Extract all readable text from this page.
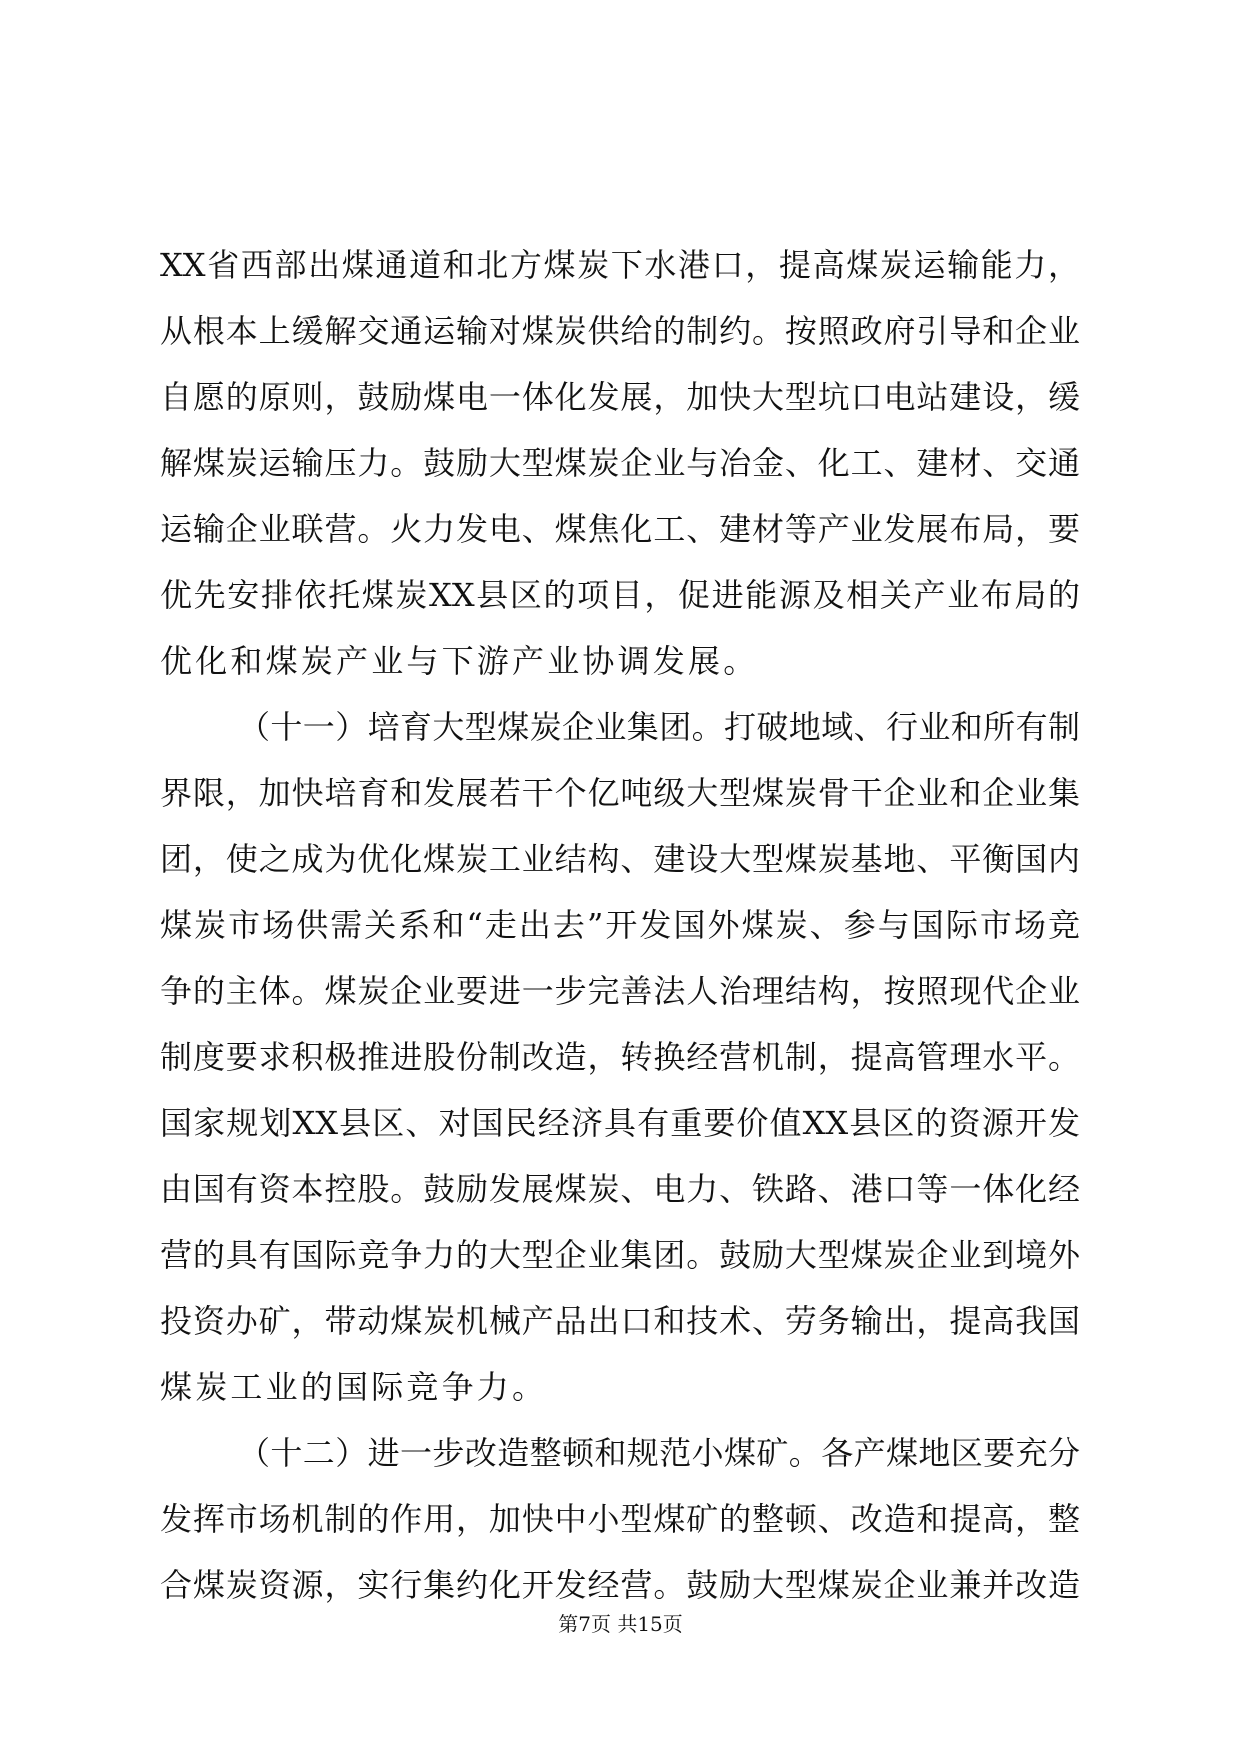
XX省西部出煤通道和北方煤炭下水港口，提高煤炭运输能力，
从根本上缓解交通运输对煤炭供给的制约。按照政府引导和企业
自愿的原则，鼓励煤电一体化发展，加快大型坑口电站建设，缓
解煤炭运输压力。鼓励大型煤炭企业与冶金、化工、建材、交通
运输企业联营。火力发电、煤焦化工、建材等产业发展布局，要
优先安排依托煤炭XX县区的项目，促进能源及相关产业布局的
优化和煤炭产业与下游产业协调发展。
（十一）培育大型煤炭企业集团。打破地域、行业和所有制
界限，加快培育和发展若干个亿吨级大型煤炭骨干企业和企业集
团，使之成为优化煤炭工业结构、建设大型煤炭基地、平衡国内
煤炭市场供需关系和“走出去”开发国外煤炭、参与国际市场竞
争的主体。煤炭企业要进一步完善法人治理结构，按照现代企业
制度要求积极推进股份制改造，转换经营机制，提高管理水平。
国家规划XX县区、对国民经济具有重要价值XX县区的资源开发
由国有资本控股。鼓励发展煤炭、电力、铁路、港口等一体化经
营的具有国际竞争力的大型企业集团。鼓励大型煤炭企业到境外
投资办矿，带动煤炭机械产品出口和技术、劳务输出，提高我国
煤炭工业的国际竞争力。
（十二）进一步改造整顿和规范小煤矿。各产煤地区要充分
发挥市场机制的作用，加快中小型煤矿的整顿、改造和提高，整
合煤炭资源，实行集约化开发经营。鼓励大型煤炭企业兼并改造
第7页 共15页
